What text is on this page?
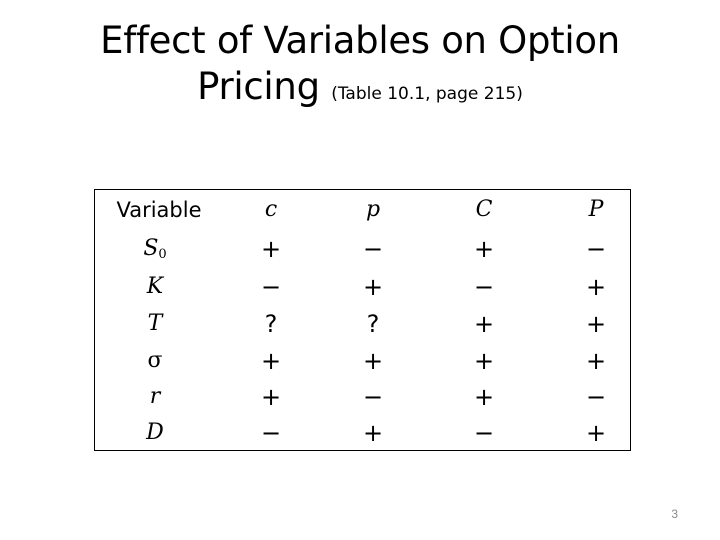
Effect of Variables on Option
Pricing (Table 10.1, page 215)
Variable	c	p	C	P
S0	+	−	+	−
K	−	+	−	+
T	?	?	+	+
σ	+	+	+	+
r	+	−	+	−
D	−	+	−	+
3
